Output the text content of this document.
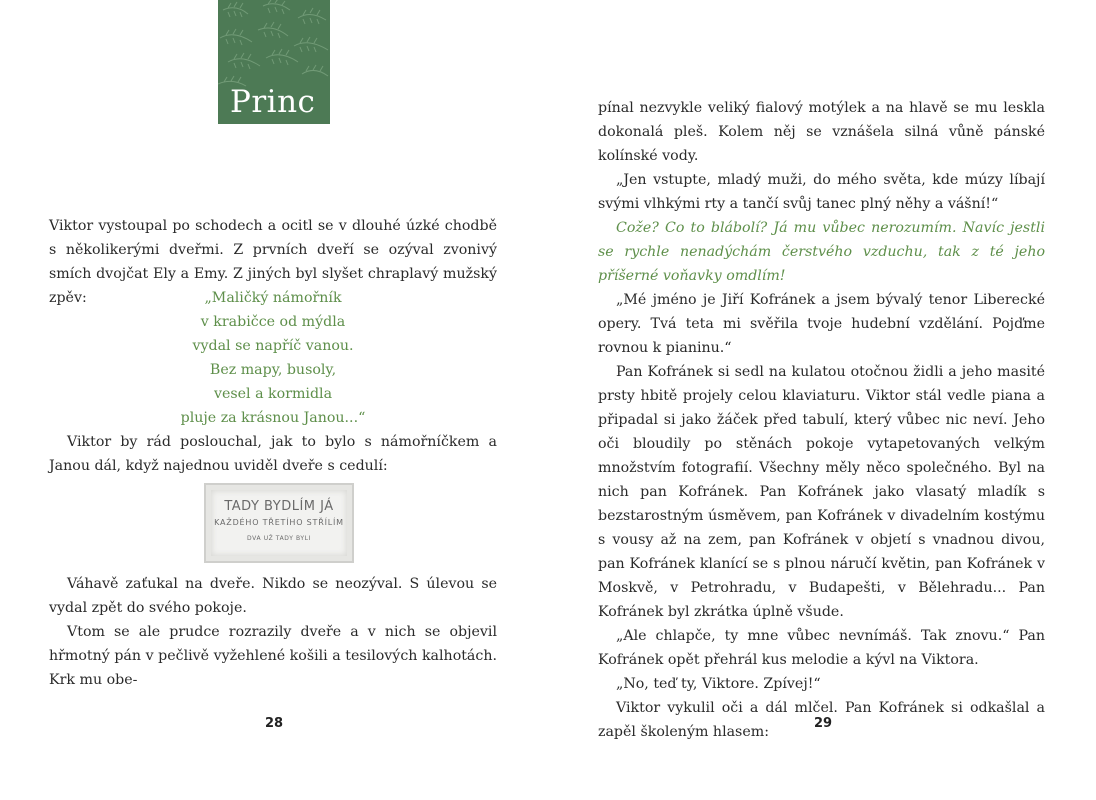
Princ

Viktor vystoupal po schodech a ocitl se v dlouhé úzké chodbě s několikerými dveřmi. Z prvních dveří se ozýval zvonivý smích dvojčat Ely a Emy. Z jiných byl slyšet chraplavý mužský zpěv:	„Maličký námořník
v krabičce od mýdla
vydal se napříč vanou.
Bez mapy, busoly,
vesel a kormidla
pluje za krásnou Janou...“

Viktor by rád poslouchal, jak to bylo s námořníčkem a Janou dál, když najednou uviděl dveře s cedulí:

TADY BYDLÍM JÁ
KAŽDÉHO TŘETÍHO STŘÍLÍM
DVA UŽ TADY BYLI

Váhavě zaťukal na dveře. Nikdo se neozýval. S úlevou se vydal zpět do svého pokoje.

Vtom se ale prudce rozrazily dveře a v nich se objevil hřmotný pán v pečlivě vyžehlené košili a tesilových kalhotách. Krk mu obe-

28

pínal nezvykle veliký fialový motýlek a na hlavě se mu leskla dokonalá pleš. Kolem něj se vznášela silná vůně pánské kolínské vody.

„Jen vstupte, mladý muži, do mého světa, kde múzy líbají svými vlhkými rty a tančí svůj tanec plný něhy a vášní!“

Cože? Co to blábolí? Já mu vůbec nerozumím. Navíc jestli se rychle nenadýchám čerstvého vzduchu, tak z té jeho příšerné voňavky omdlím!

„Mé jméno je Jiří Kofránek a jsem bývalý tenor Liberecké opery. Tvá teta mi svěřila tvoje hudební vzdělání. Pojďme rovnou k pianinu.“

Pan Kofránek si sedl na kulatou otočnou židli a jeho masité prsty hbitě projely celou klaviaturu. Viktor stál vedle piana a připadal si jako žáček před tabulí, který vůbec nic neví. Jeho oči bloudily po stěnách pokoje vytapetovaných velkým množstvím fotografií. Všechny měly něco společného. Byl na nich pan Kofránek. Pan Kofránek jako vlasatý mladík s bezstarostným úsměvem, pan Kofránek v divadelním kostýmu s vousy až na zem, pan Kofránek v objetí s vnadnou divou, pan Kofránek klanící se s plnou náručí květin, pan Kofránek v Moskvě, v Petrohradu, v Budapešti, v Bělehradu... Pan Kofránek byl zkrátka úplně všude.

„Ale chlapče, ty mne vůbec nevnímáš. Tak znovu.“ Pan Kofránek opět přehrál kus melodie a kývl na Viktora.

„No, teď ty, Viktore. Zpívej!“

Viktor vykulil oči a dál mlčel. Pan Kofránek si odkašlal a zapěl školeným hlasem:

29
